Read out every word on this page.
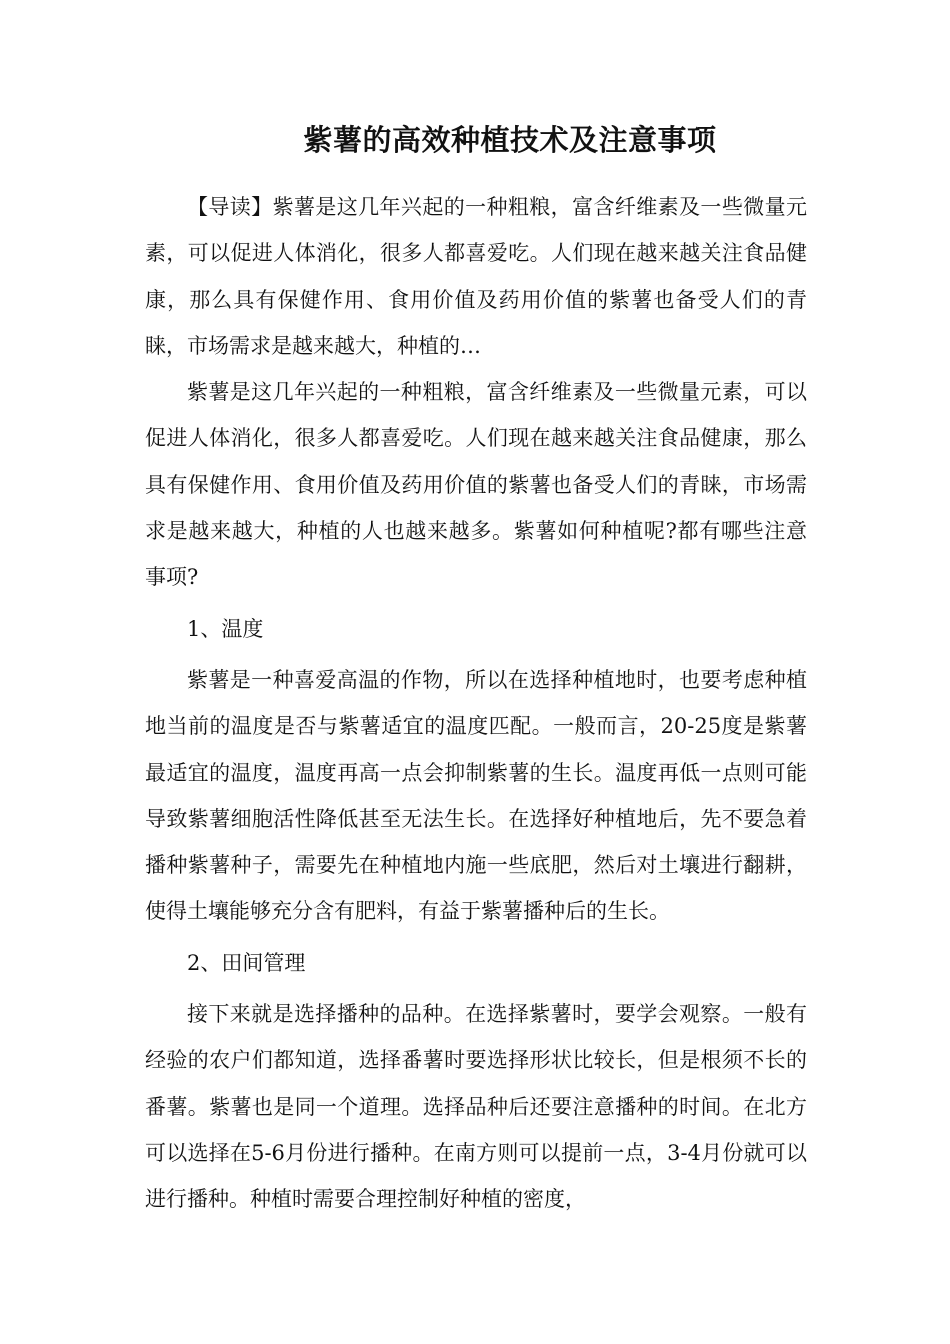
紫薯的高效种植技术及注意事项

【导读】紫薯是这几年兴起的一种粗粮，富含纤维素及一些微量元素，可以促进人体消化，很多人都喜爱吃。人们现在越来越关注食品健康，那么具有保健作用、食用价值及药用价值的紫薯也备受人们的青睐，市场需求是越来越大，种植的…

紫薯是这几年兴起的一种粗粮，富含纤维素及一些微量元素，可以促进人体消化，很多人都喜爱吃。人们现在越来越关注食品健康，那么具有保健作用、食用价值及药用价值的紫薯也备受人们的青睐，市场需求是越来越大，种植的人也越来越多。紫薯如何种植呢?都有哪些注意事项?

1、温度

紫薯是一种喜爱高温的作物，所以在选择种植地时，也要考虑种植地当前的温度是否与紫薯适宜的温度匹配。一般而言，20-25度是紫薯最适宜的温度，温度再高一点会抑制紫薯的生长。温度再低一点则可能导致紫薯细胞活性降低甚至无法生长。在选择好种植地后，先不要急着播种紫薯种子，需要先在种植地内施一些底肥，然后对土壤进行翻耕，使得土壤能够充分含有肥料，有益于紫薯播种后的生长。

2、田间管理

接下来就是选择播种的品种。在选择紫薯时，要学会观察。一般有经验的农户们都知道，选择番薯时要选择形状比较长，但是根须不长的番薯。紫薯也是同一个道理。选择品种后还要注意播种的时间。在北方可以选择在5-6月份进行播种。在南方则可以提前一点，3-4月份就可以进行播种。种植时需要合理控制好种植的密度，
